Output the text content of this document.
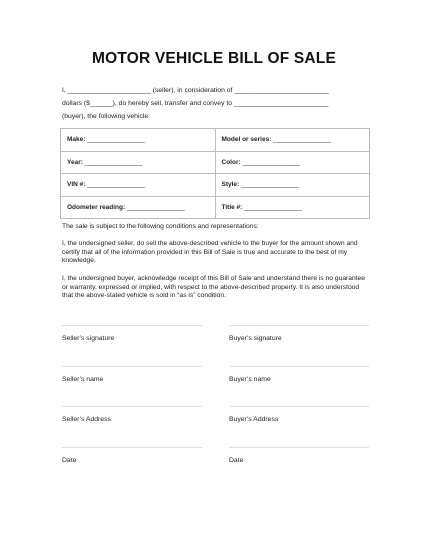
MOTOR VEHICLE BILL OF SALE
I, ______________________ (seller), in consideration of _________________________
dollars ($______), do hereby sell, transfer and convey to _________________________
(buyer), the following vehicle:
Make: ________________	Model or series: ________________
Year: ________________	Color: ________________
VIN #: ________________	Style: ________________
Odometer reading: ________________	Title #: ________________
The sale is subject to the following conditions and representations:
I, the undersigned seller, do sell the above-described vehicle to the buyer for the amount shown and certify that all of the information provided in this Bill of Sale is true and accurate to the best of my knowledge.
I, the undersigned buyer, acknowledge receipt of this Bill of Sale and understand there is no guarantee or warranty, expressed or implied, with respect to the above-described property. It is also understood that the above-stated vehicle is sold in “as is” condition.
Seller’s signature
Seller’s name
Seller’s Address
Date
Buyer’s signature
Buyer’s name
Buyer’s Address
Date
